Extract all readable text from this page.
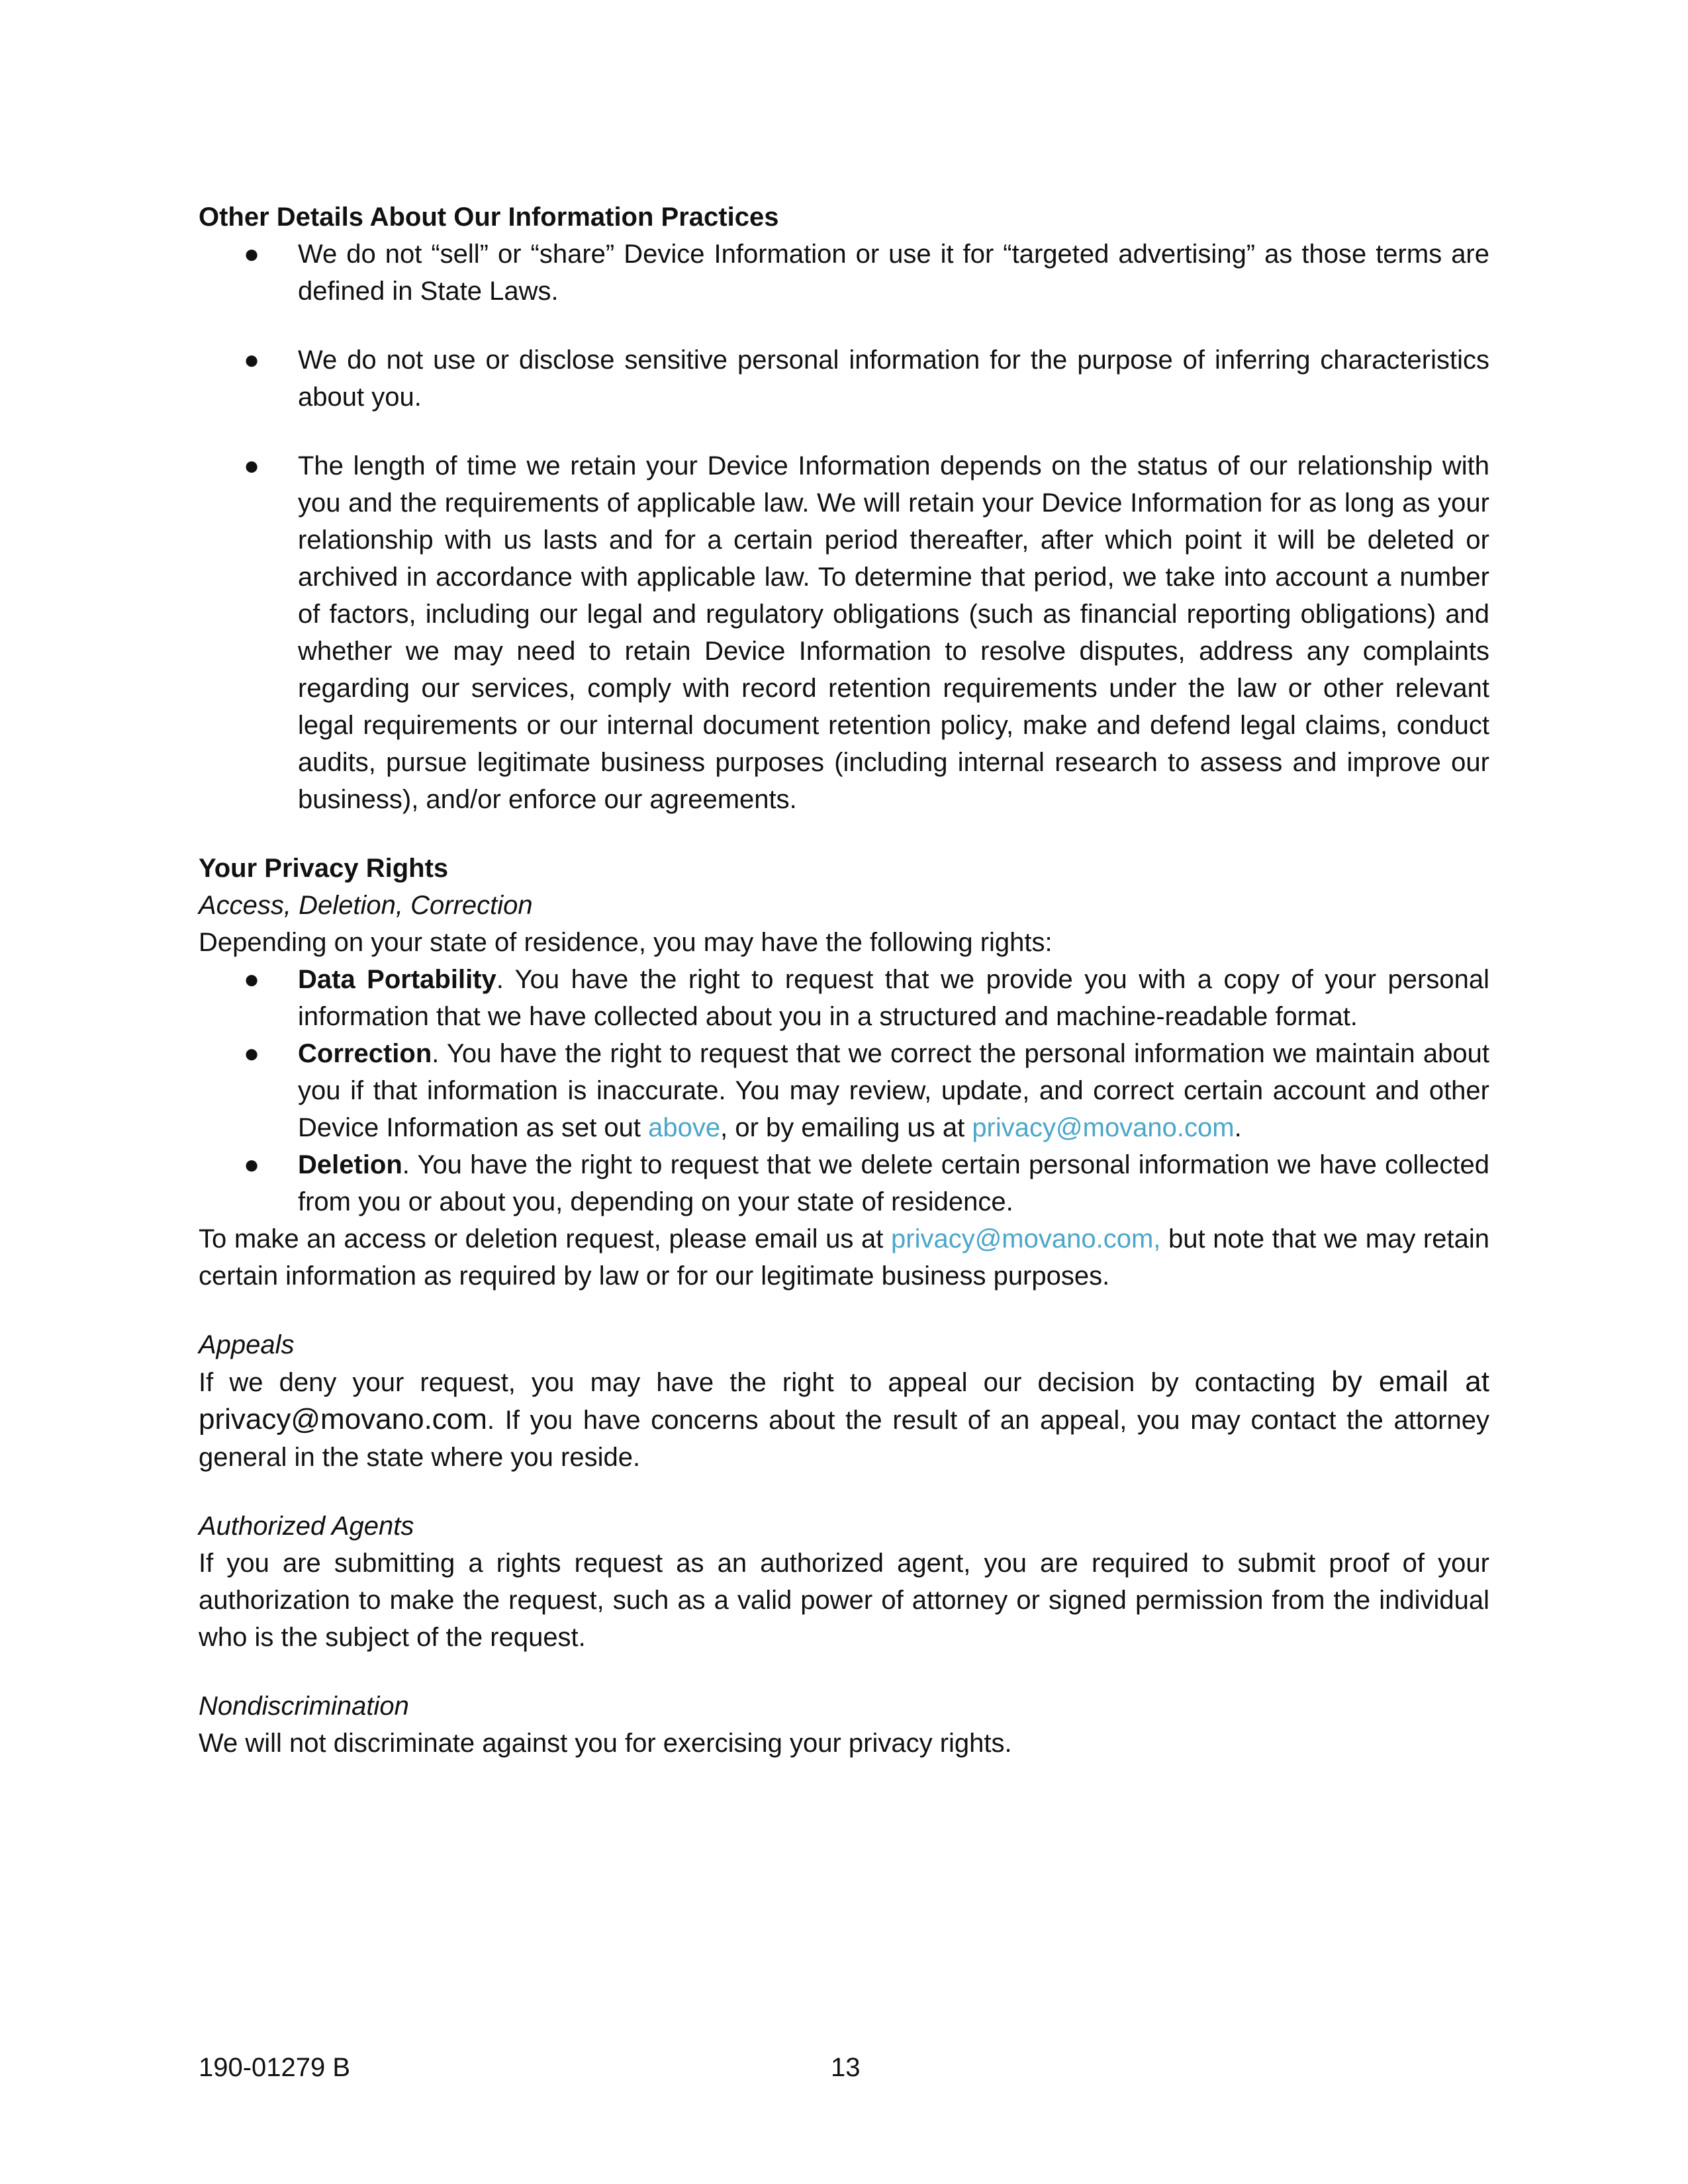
Other Details About Our Information Practices

● We do not “sell” or “share” Device Information or use it for “targeted advertising” as those terms are defined in State Laws.
● We do not use or disclose sensitive personal information for the purpose of inferring characteristics about you.
● The length of time we retain your Device Information depends on the status of our relationship with you and the requirements of applicable law. We will retain your Device Information for as long as your relationship with us lasts and for a certain period thereafter, after which point it will be deleted or archived in accordance with applicable law. To determine that period, we take into account a number of factors, including our legal and regulatory obligations (such as financial reporting obligations) and whether we may need to retain Device Information to resolve disputes, address any complaints regarding our services, comply with record retention requirements under the law or other relevant legal requirements or our internal document retention policy, make and defend legal claims, conduct audits, pursue legitimate business purposes (including internal research to assess and improve our business), and/or enforce our agreements.

Your Privacy Rights

Access, Deletion, Correction

Depending on your state of residence, you may have the following rights:

● Data Portability. You have the right to request that we provide you with a copy of your personal information that we have collected about you in a structured and machine-readable format.
● Correction. You have the right to request that we correct the personal information we maintain about you if that information is inaccurate. You may review, update, and correct certain account and other Device Information as set out above, or by emailing us at privacy@movano.com.
● Deletion. You have the right to request that we delete certain personal information we have collected from you or about you, depending on your state of residence.

To make an access or deletion request, please email us at privacy@movano.com, but note that we may retain certain information as required by law or for our legitimate business purposes.

Appeals

If we deny your request, you may have the right to appeal our decision by contacting by email at privacy@movano.com. If you have concerns about the result of an appeal, you may contact the attorney general in the state where you reside.

Authorized Agents

If you are submitting a rights request as an authorized agent, you are required to submit proof of your authorization to make the request, such as a valid power of attorney or signed permission from the individual who is the subject of the request.

Nondiscrimination

We will not discriminate against you for exercising your privacy rights.

190-01279 B	13
